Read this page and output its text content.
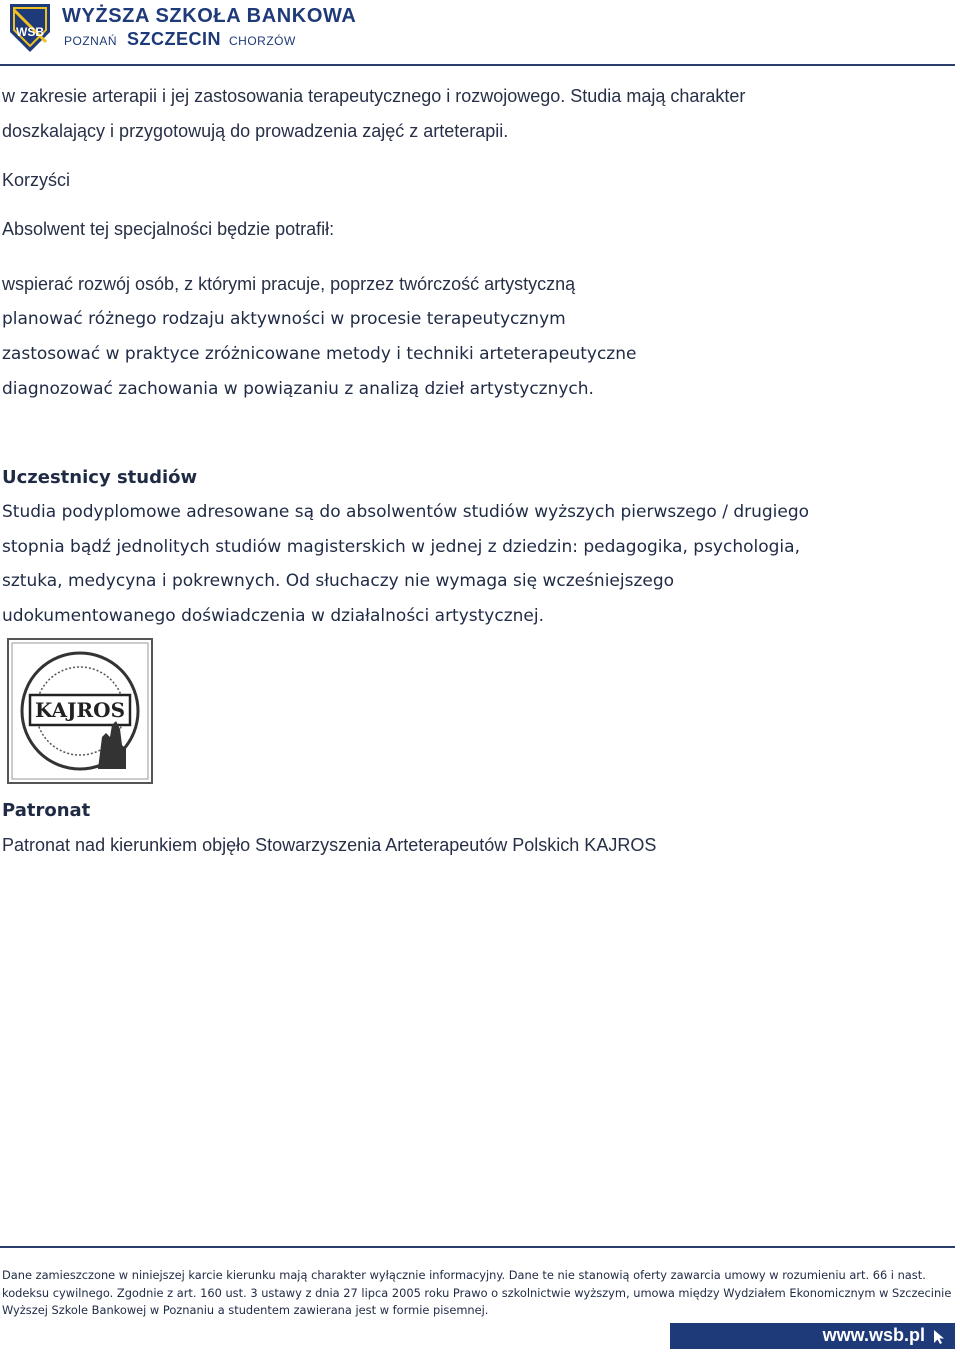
WSB
WYŻSZA SZKOŁA BANKOWA
POZNAŃ SZCZECIN CHORZÓW

w zakresie arterapii i jej zastosowania terapeutycznego i rozwojowego. Studia mają charakter

doszkalający i przygotowują do prowadzenia zajęć z arteterapii.

Korzyści

Absolwent tej specjalności będzie potrafił:

wspierać rozwój osób, z którymi pracuje, poprzez twórczość artystyczną

planować różnego rodzaju aktywności w procesie terapeutycznym

zastosować w praktyce zróżnicowane metody i techniki arteterapeutyczne

diagnozować zachowania w powiązaniu z analizą dzieł artystycznych.

Uczestnicy studiów

Studia podyplomowe adresowane są do absolwentów studiów wyższych pierwszego / drugiego

stopnia bądź jednolitych studiów magisterskich w jednej z dziedzin: pedagogika, psychologia,

sztuka, medycyna i pokrewnych. Od słuchaczy nie wymaga się wcześniejszego

udokumentowanego doświadczenia w działalności artystycznej.

KAJROS
Patronat

Patronat nad kierunkiem objęło Stowarzyszenia Arteterapeutów Polskich KAJROS

Dane zamieszczone w niniejszej karcie kierunku mają charakter wyłącznie informacyjny. Dane te nie stanowią oferty zawarcia umowy w rozumieniu art. 66 i nast.
kodeksu cywilnego. Zgodnie z art. 160 ust. 3 ustawy z dnia 27 lipca 2005 roku Prawo o szkolnictwie wyższym, umowa między Wydziałem Ekonomicznym w Szczecinie
Wyższej Szkole Bankowej w Poznaniu a studentem zawierana jest w formie pisemnej.
www.wsb.pl
